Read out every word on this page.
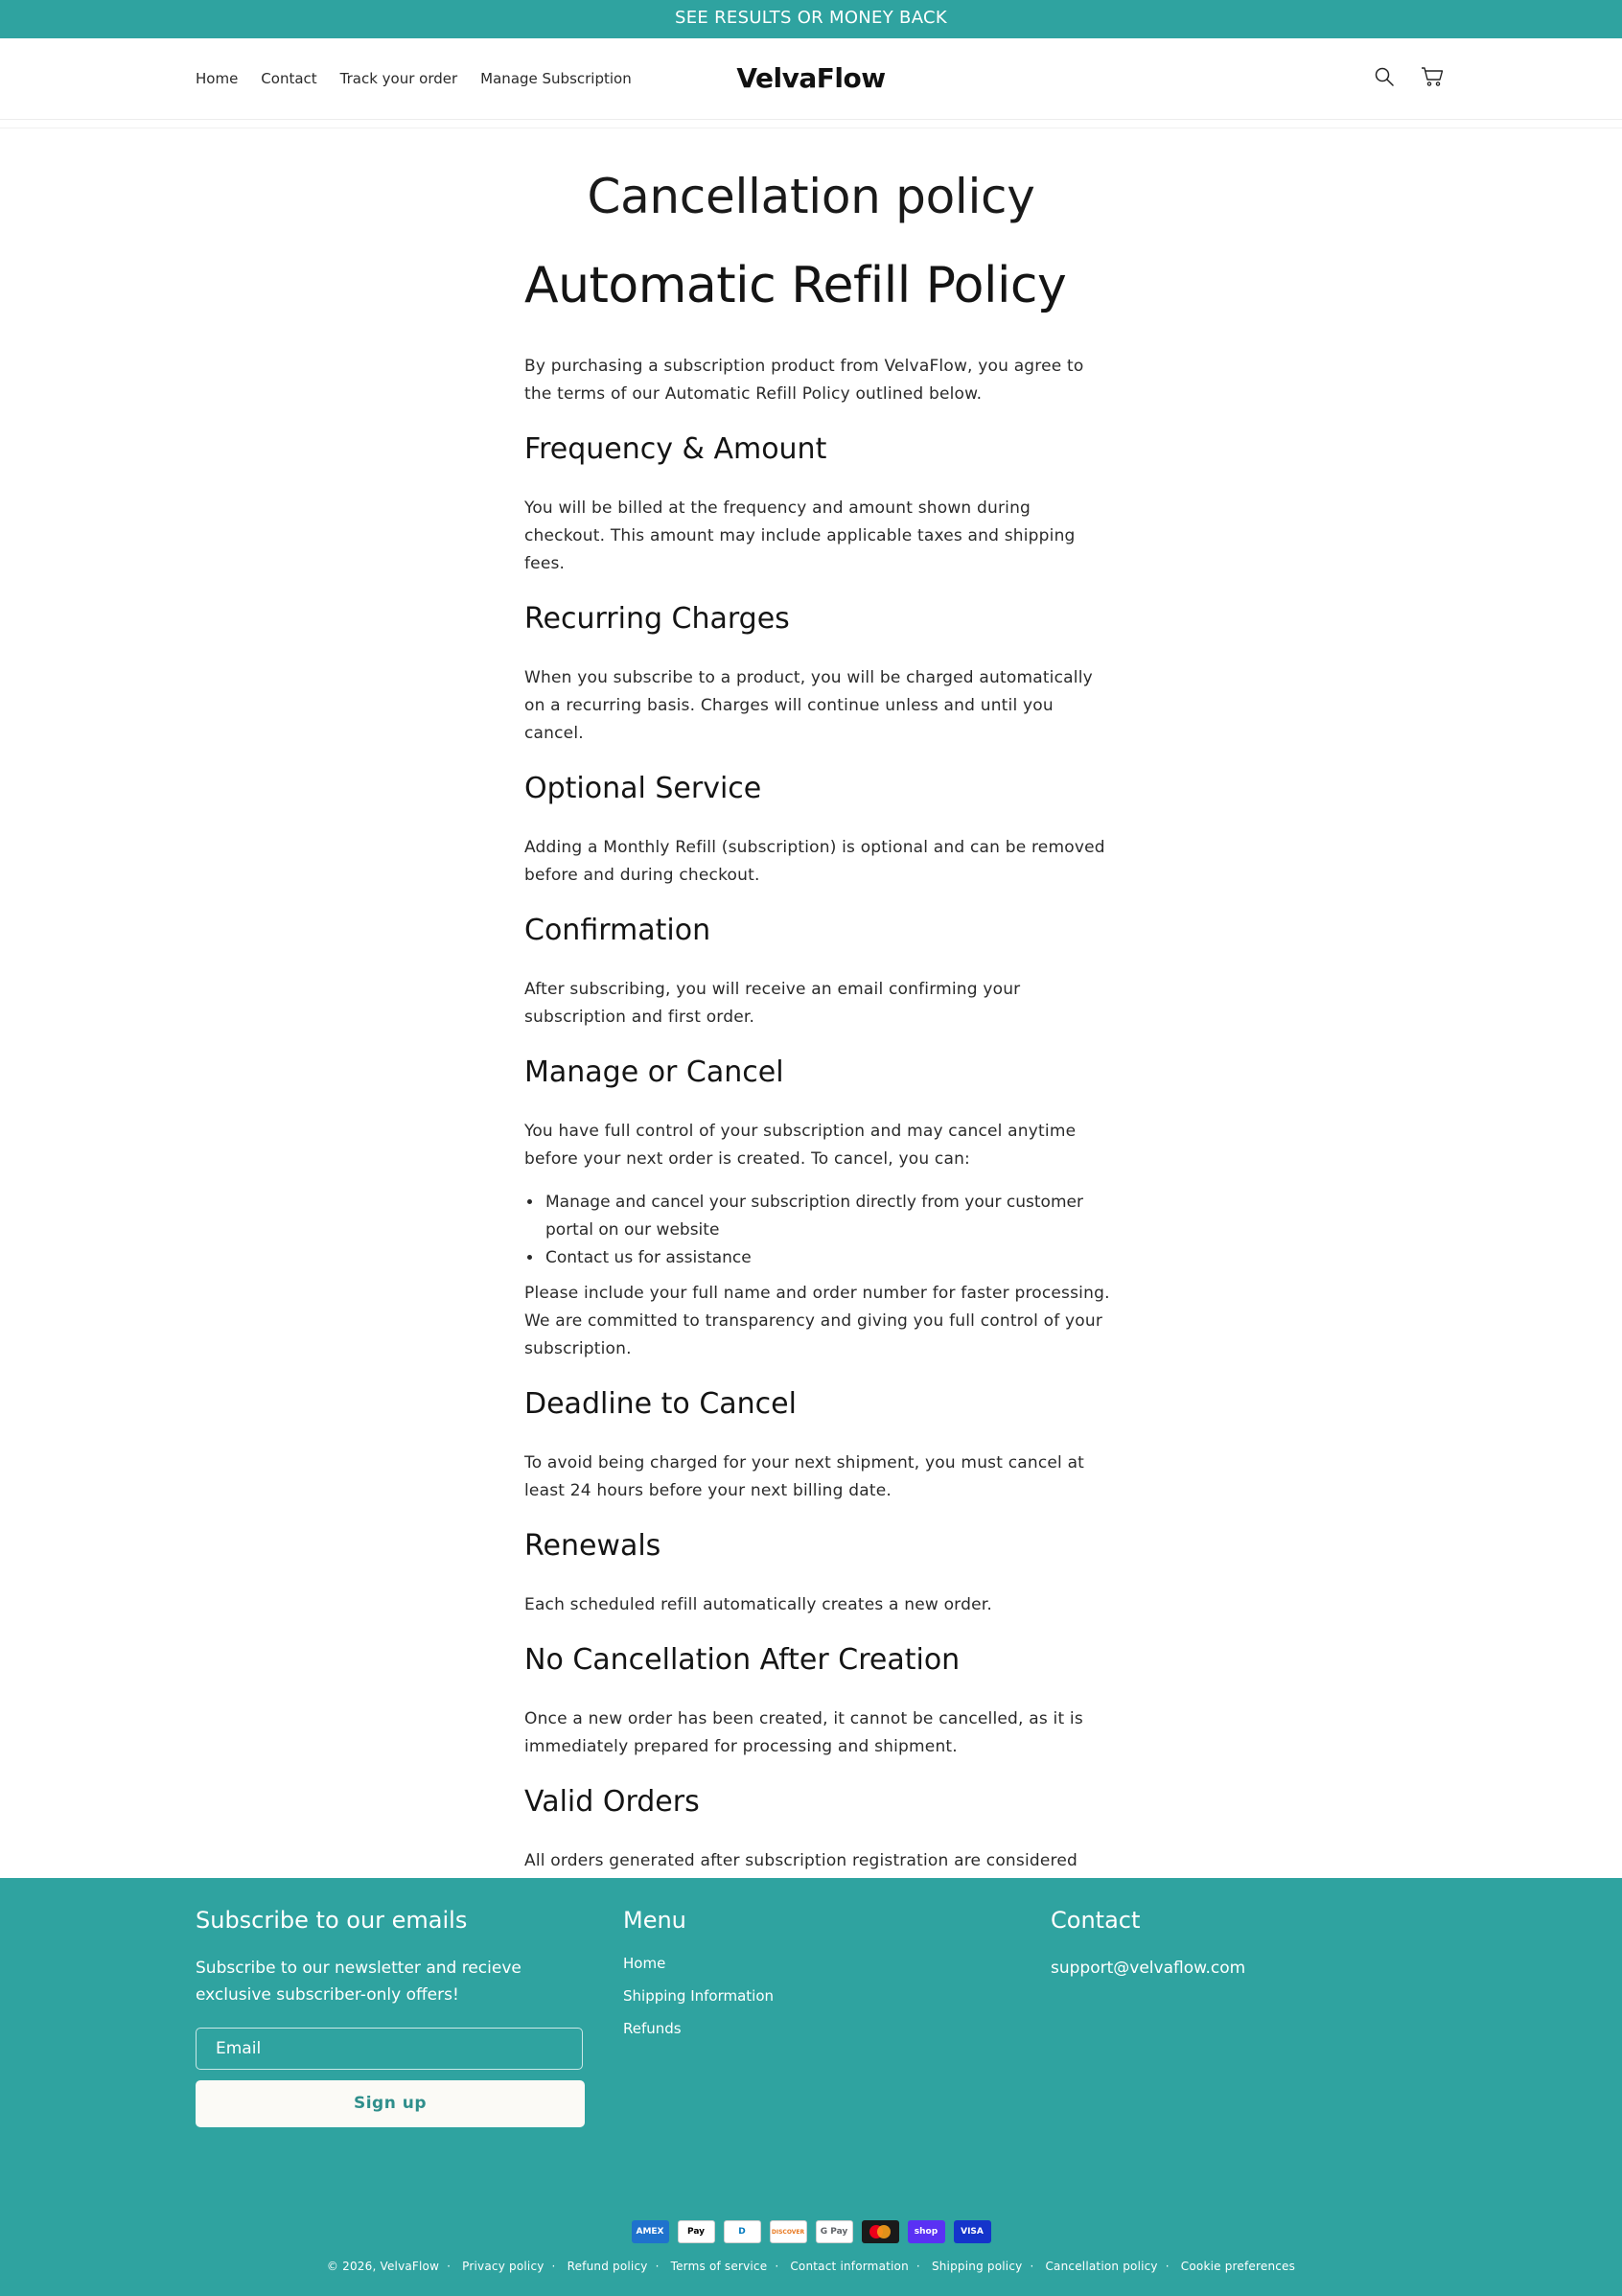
SEE RESULTS OR MONEY BACK
Home Contact Track your order Manage Subscription	VelvaFlow
Cancellation policy
Automatic Refill Policy

By purchasing a subscription product from VelvaFlow, you agree to the terms of our Automatic Refill Policy outlined below.

Frequency & Amount

You will be billed at the frequency and amount shown during checkout. This amount may include applicable taxes and shipping fees.

Recurring Charges

When you subscribe to a product, you will be charged automatically on a recurring basis. Charges will continue unless and until you cancel.

Optional Service

Adding a Monthly Refill (subscription) is optional and can be removed before and during checkout.

Confirmation

After subscribing, you will receive an email confirming your subscription and first order.

Manage or Cancel

You have full control of your subscription and may cancel anytime before your next order is created. To cancel, you can:

• Manage and cancel your subscription directly from your customer portal on our website
• Contact us for assistance

Please include your full name and order number for faster processing. We are committed to transparency and giving you full control of your subscription.

Deadline to Cancel

To avoid being charged for your next shipment, you must cancel at least 24 hours before your next billing date.

Renewals

Each scheduled refill automatically creates a new order.

No Cancellation After Creation

Once a new order has been created, it cannot be cancelled, as it is immediately prepared for processing and shipment.

Valid Orders

All orders generated after subscription registration are considered

Subscribe to our emails

Subscribe to our newsletter and recieve exclusive subscriber-only offers!

Email
Sign up
Menu
Home
Shipping Information
Refunds
Contact

support@velvaflow.com

AMEX	Pay	D	DISCOVER G Pay	shop	VISA
© 2026, VelvaFlow · Privacy policy · Refund policy · Terms of service · Contact information · Shipping policy · Cancellation policy · Cookie preferences
